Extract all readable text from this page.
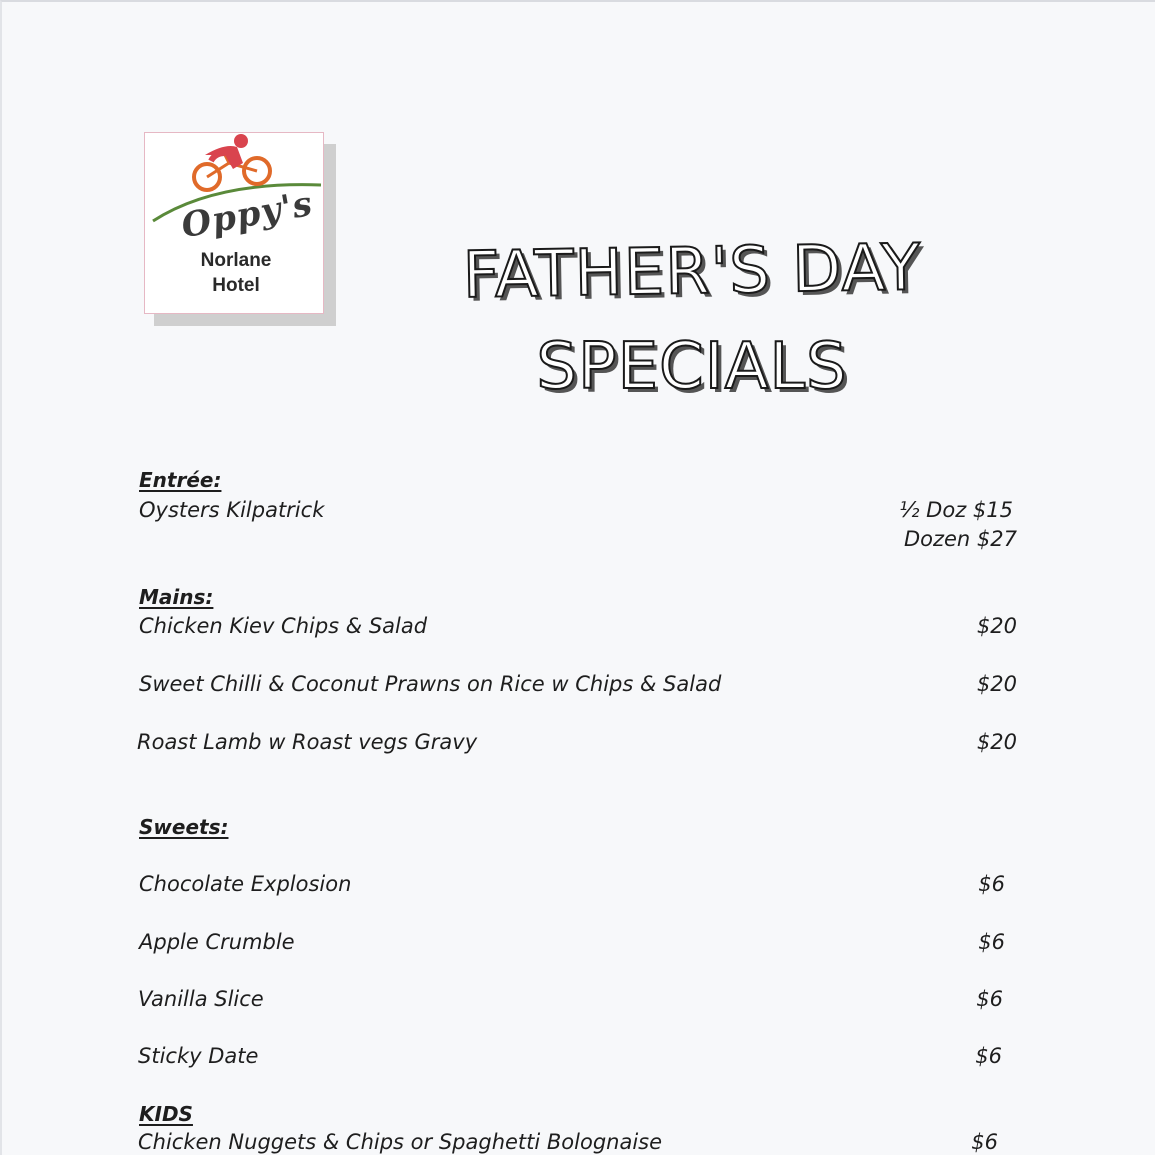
Oppy's
Norlane
Hotel	FATHER'S DAY
SPECIALS
Entrée:
Oysters Kilpatrick	½ Doz $15
Dozen $27
Mains:
Chicken Kiev Chips & Salad	$20
Sweet Chilli & Coconut Prawns on Rice w Chips & Salad	$20
Roast Lamb w Roast vegs Gravy	$20
Sweets:
Chocolate Explosion	$6
Apple Crumble	$6
Vanilla Slice	$6
Sticky Date	$6
KIDS
Chicken Nuggets & Chips or Spaghetti Bolognaise	$6
